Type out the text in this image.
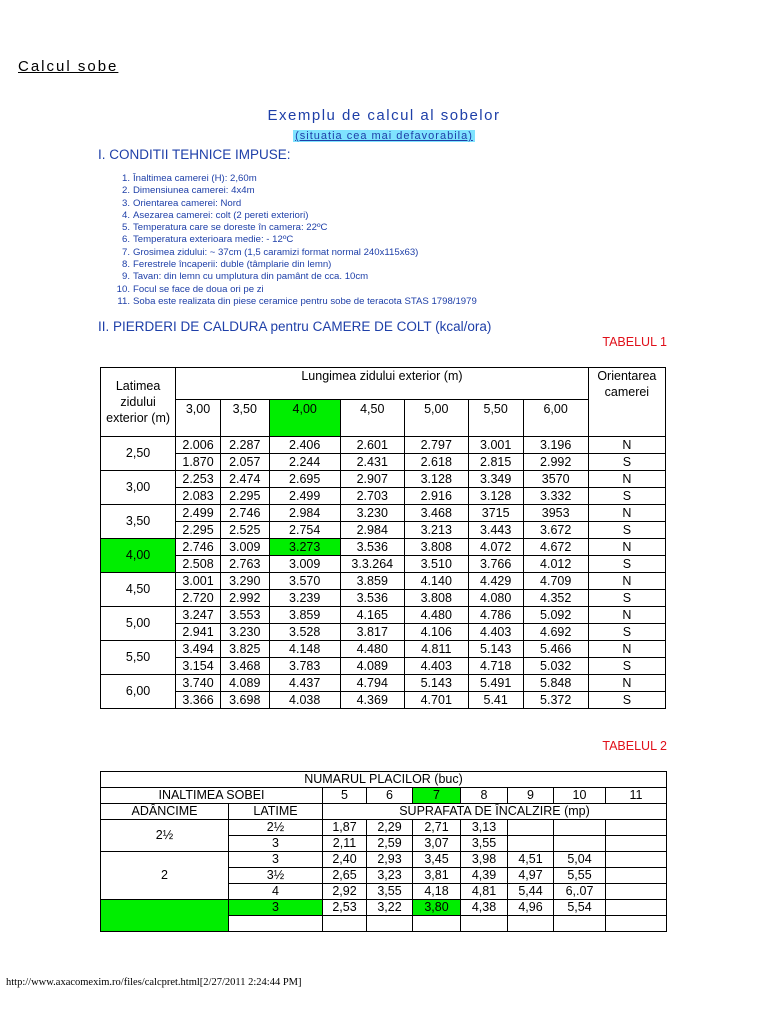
Calcul sobe
Exemplu de calcul al sobelor
(situatia cea mai defavorabila)
I. CONDITII TEHNICE IMPUSE:
1. Înaltimea camerei (H): 2,60m
2. Dimensiunea camerei: 4x4m
3. Orientarea camerei: Nord
4. Asezarea camerei: colt (2 pereti exteriori)
5. Temperatura care se doreste în camera: 22ºC
6. Temperatura exterioara medie: - 12ºC
7. Grosimea zidului: ~ 37cm (1,5 caramizi format normal 240x115x63)
8. Ferestrele încaperii: duble (tâmplarie din lemn)
9. Tavan: din lemn cu umplutura din pamânt de cca. 10cm
10. Focul se face de doua ori pe zi
11. Soba este realizata din piese ceramice pentru sobe de teracota STAS 1798/1979
II. PIERDERI DE CALDURA pentru CAMERE DE COLT (kcal/ora)
TABELUL 1
Latimea zidului exterior (m)	Lungimea zidului exterior (m)							Orientarea camerei
	3,00	3,50	4,00	4,50	5,00	5,50	6,00	
2,50	2.006	2.287	2.406	2.601	2.797	3.001	3.196	N
	1.870	2.057	2.244	2.431	2.618	2.815	2.992	S
3,00	2.253	2.474	2.695	2.907	3.128	3.349	3570	N
	2.083	2.295	2.499	2.703	2.916	3.128	3.332	S
3,50	2.499	2.746	2.984	3.230	3.468	3715	3953	N
	2.295	2.525	2.754	2.984	3.213	3.443	3.672	S
4,00	2.746	3.009	3.273	3.536	3.808	4.072	4.672	N
	2.508	2.763	3.009	3.3.264	3.510	3.766	4.012	S
4,50	3.001	3.290	3.570	3.859	4.140	4.429	4.709	N
	2.720	2.992	3.239	3.536	3.808	4.080	4.352	S
5,00	3.247	3.553	3.859	4.165	4.480	4.786	5.092	N
	2.941	3.230	3.528	3.817	4.106	4.403	4.692	S
5,50	3.494	3.825	4.148	4.480	4.811	5.143	5.466	N
	3.154	3.468	3.783	4.089	4.403	4.718	5.032	S
6,00	3.740	4.089	4.437	4.794	5.143	5.491	5.848	N
	3.366	3.698	4.038	4.369	4.701	5.41	5.372	S
TABELUL 2
NUMARUL PLACILOR (buc)								
INALTIMEA SOBEI		5	6	7	8	9	10	11
ADÂNCIME	LATIME	SUPRAFATA DE ÎNCALZIRE (mp)						
2½	2½	1,87	2,29	2,71	3,13			
	3	2,11	2,59	3,07	3,55			
2	3	2,40	2,93	3,45	3,98	4,51	5,04	
	3½	2,65	3,23	3,81	4,39	4,97	5,55	
	4	2,92	3,55	4,18	4,81	5,44	6,.07	
	3	2,53	3,22	3,80	4,38	4,96	5,54	

http://www.axacomexim.ro/files/calcpret.html[2/27/2011 2:24:44 PM]
